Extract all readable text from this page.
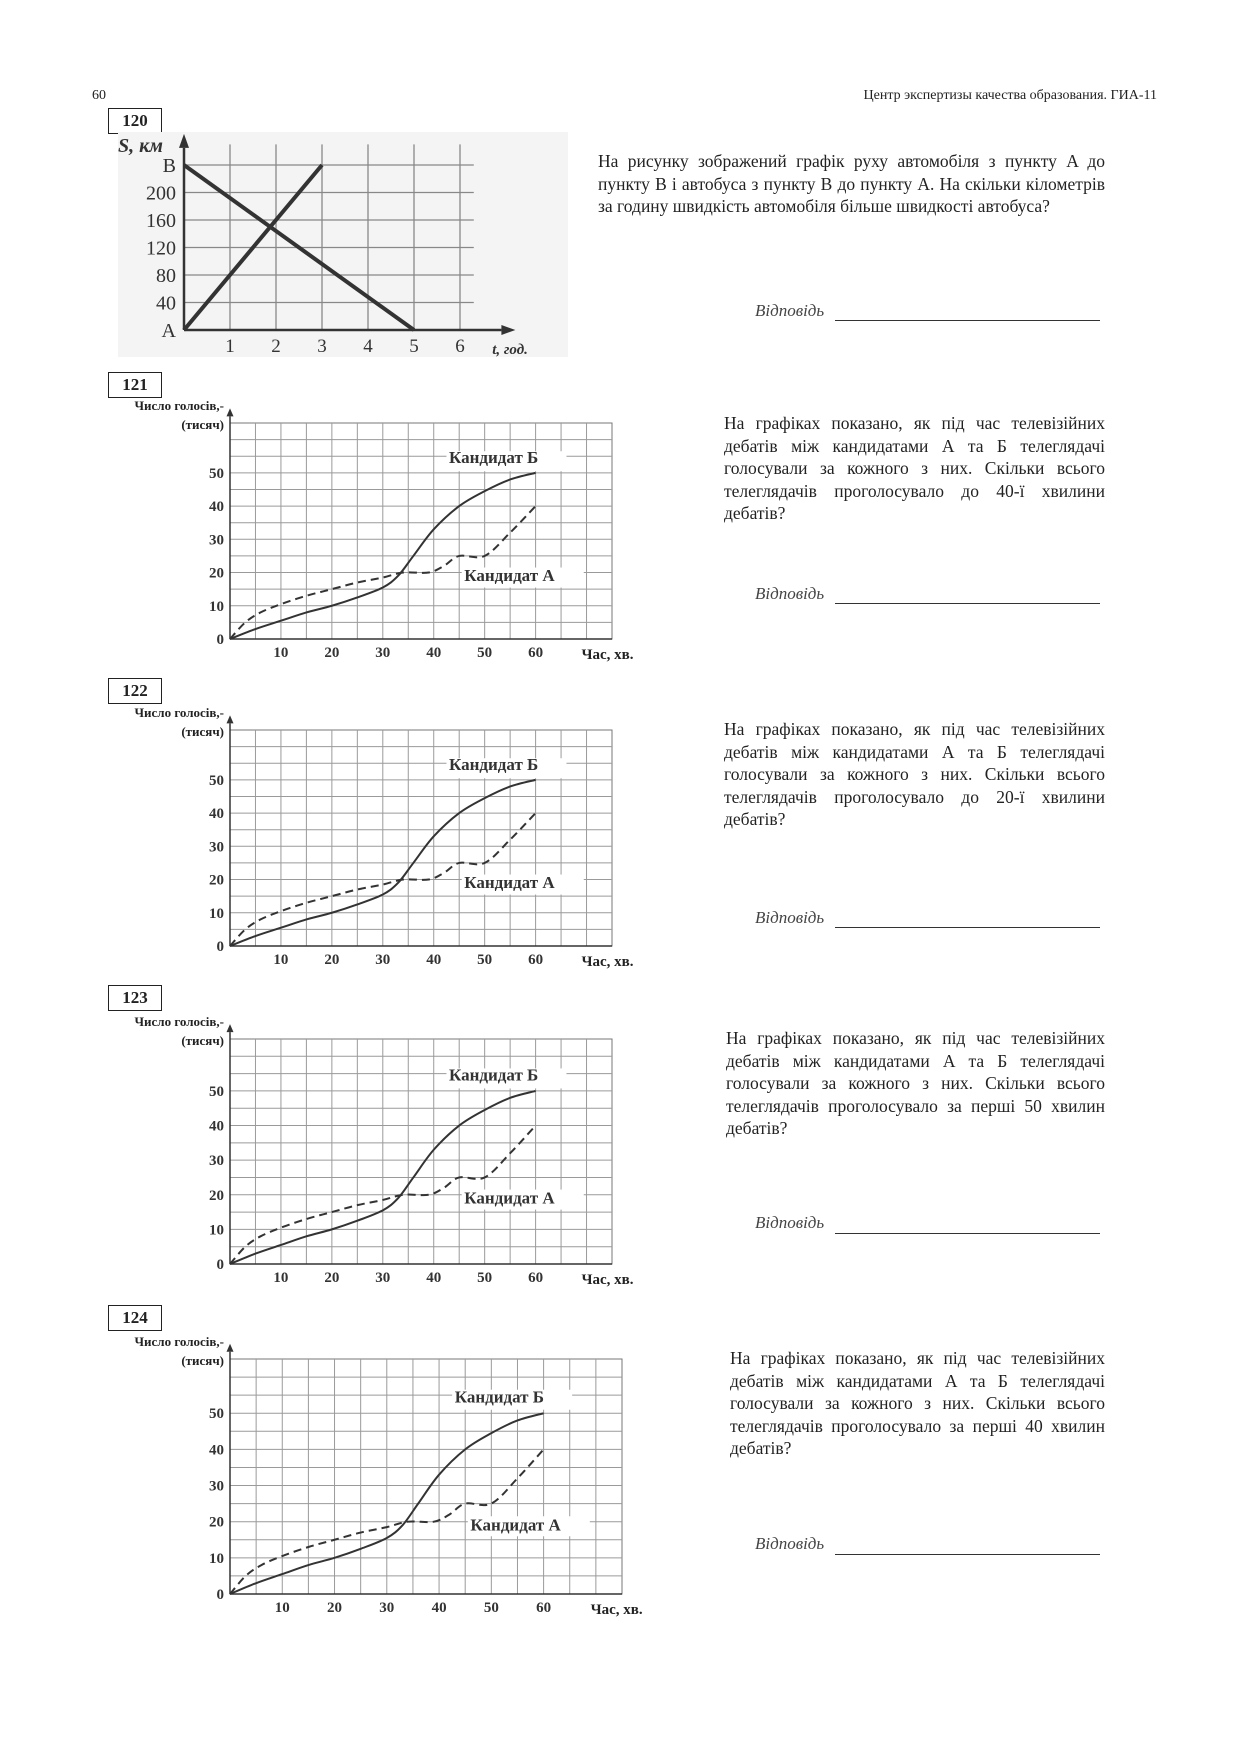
60	Центр экспертизы качества образования. ГИА-11
120
A
40
80
120
160
200
B
1 2 3 4 5 6
S, км
t, год.
На рисунку зображений графік руху автомобіля з пункту A до пункту B і автобуса з пункту B до пункту A. На скільки кілометрів за годину швидкість автомобіля більше швидкості автобуса?
Відповідь
121
Кандидат Б
Кандидат А
0
10
20
30
40
50
10 20 30 40 50 60
Число голосів,-
(тисяч)
Час, хв.
На графіках показано, як під час телевізійних дебатів між кандидатами А та Б телеглядачі голосували за кожного з них. Скільки всього телеглядачів проголосувало до 40-ї хвилини дебатів?
Відповідь
122
Кандидат Б
Кандидат А
0
10
20
30
40
50
10 20 30 40 50 60
Число голосів,-
(тисяч)
Час, хв.
На графіках показано, як під час телевізійних дебатів між кандидатами А та Б телеглядачі голосували за кожного з них. Скільки всього телеглядачів проголосувало до 20-ї хвилини дебатів?
Відповідь
123
Кандидат Б
Кандидат А
0
10
20
30
40
50
10 20 30 40 50 60
Число голосів,-
(тисяч)
Час, хв.
На графіках показано, як під час телевізійних дебатів між кандидатами А та Б телеглядачі голосували за кожного з них. Скільки всього телеглядачів проголосувало за перші 50 хвилин дебатів?
Відповідь
124
Кандидат Б
Кандидат А
0
10
20
30
40
50
10 20 30 40 50 60
Число голосів,-
(тисяч)
Час, хв.
На графіках показано, як під час телевізійних дебатів між кандидатами А та Б телеглядачі голосували за кожного з них. Скільки всього телеглядачів проголосувало за перші 40 хвилин дебатів?
Відповідь
